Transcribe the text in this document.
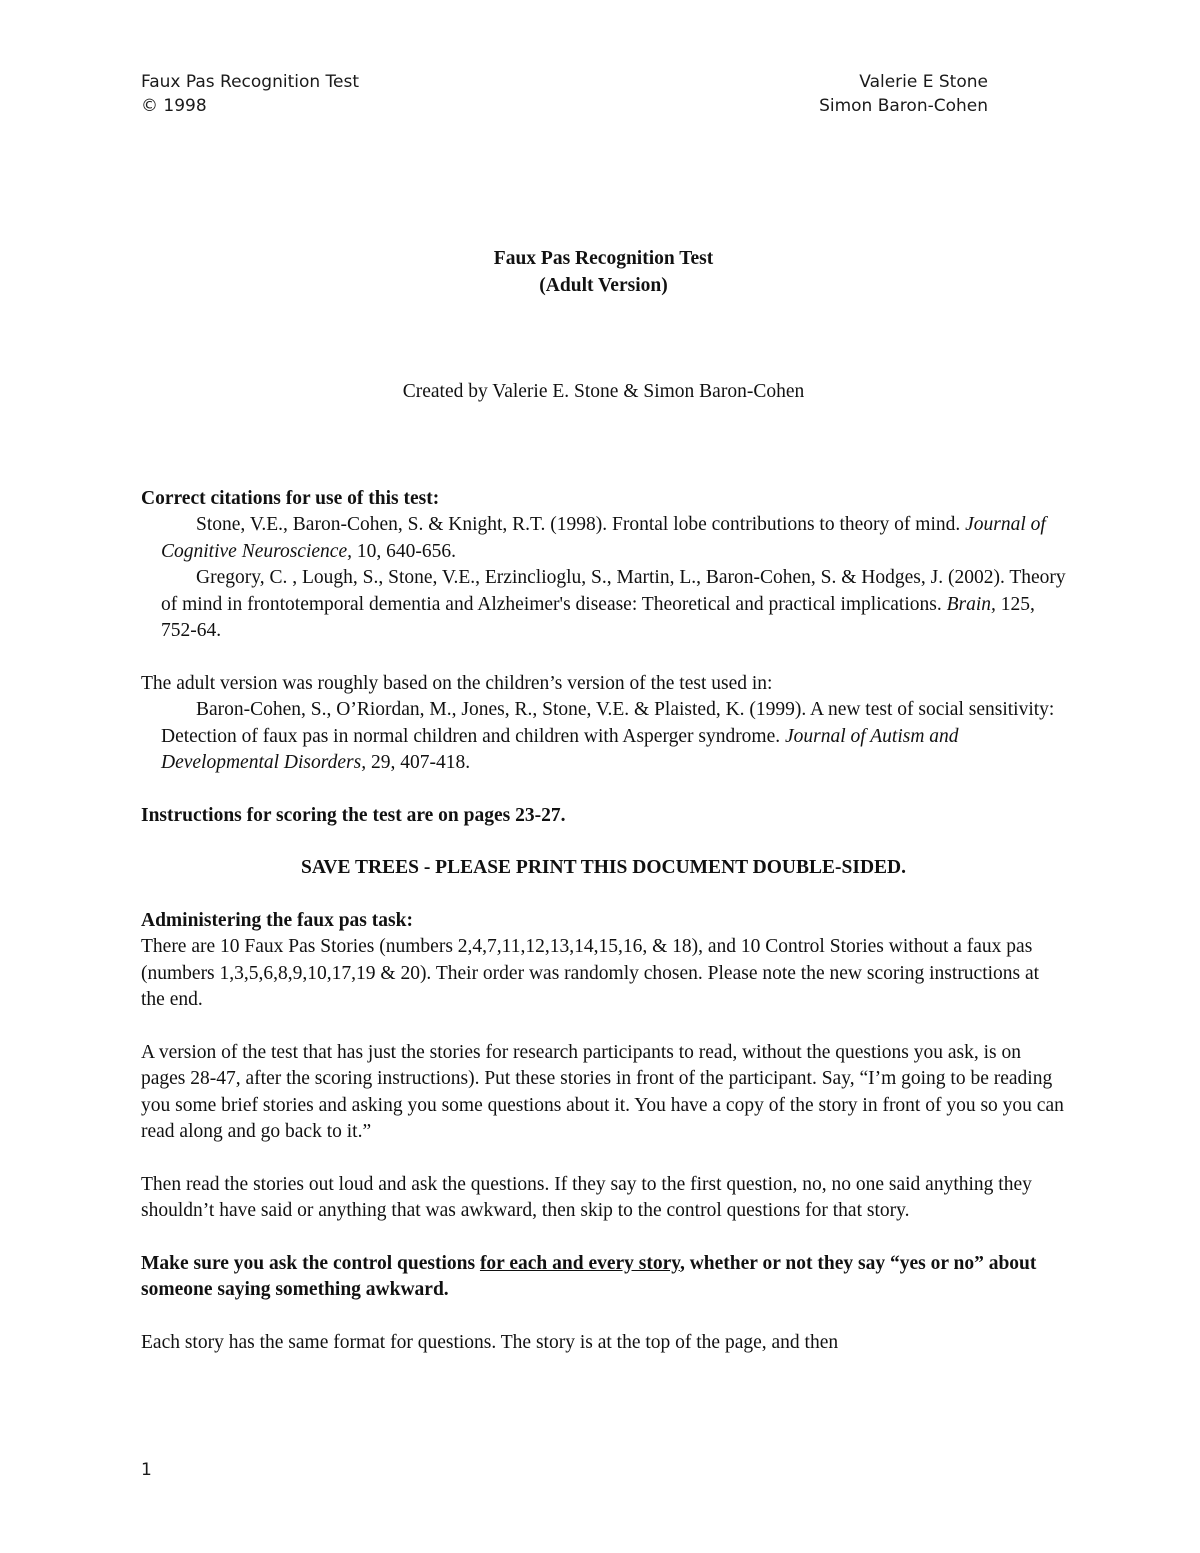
Faux Pas Recognition Test
© 1998
Valerie E Stone
Simon Baron-Cohen
Faux Pas Recognition Test
(Adult Version)
Created by Valerie E. Stone & Simon Baron-Cohen
Correct citations for use of this test:

Stone, V.E., Baron-Cohen, S. & Knight, R.T. (1998). Frontal lobe contributions to theory of mind. Journal of Cognitive Neuroscience, 10, 640-656.

Gregory, C. , Lough, S., Stone, V.E., Erzinclioglu, S., Martin, L., Baron-Cohen, S. & Hodges, J. (2002). Theory of mind in frontotemporal dementia and Alzheimer's disease: Theoretical and practical implications. Brain, 125, 752-64.

The adult version was roughly based on the children’s version of the test used in:

Baron-Cohen, S., O’Riordan, M., Jones, R., Stone, V.E. & Plaisted, K. (1999). A new test of social sensitivity: Detection of faux pas in normal children and children with Asperger syndrome. Journal of Autism and Developmental Disorders, 29, 407-418.

Instructions for scoring the test are on pages 23-27.

SAVE TREES - PLEASE PRINT THIS DOCUMENT DOUBLE-SIDED.

Administering the faux pas task:

There are 10 Faux Pas Stories (numbers 2,4,7,11,12,13,14,15,16, & 18), and 10 Control Stories without a faux pas (numbers 1,3,5,6,8,9,10,17,19 & 20). Their order was randomly chosen. Please note the new scoring instructions at the end.

A version of the test that has just the stories for research participants to read, without the questions you ask, is on pages 28-47, after the scoring instructions). Put these stories in front of the participant. Say, “I’m going to be reading you some brief stories and asking you some questions about it. You have a copy of the story in front of you so you can read along and go back to it.”

Then read the stories out loud and ask the questions. If they say to the first question, no, no one said anything they shouldn’t have said or anything that was awkward, then skip to the control questions for that story.

Make sure you ask the control questions for each and every story, whether or not they say “yes or no” about someone saying something awkward.

Each story has the same format for questions. The story is at the top of the page, and then

1
